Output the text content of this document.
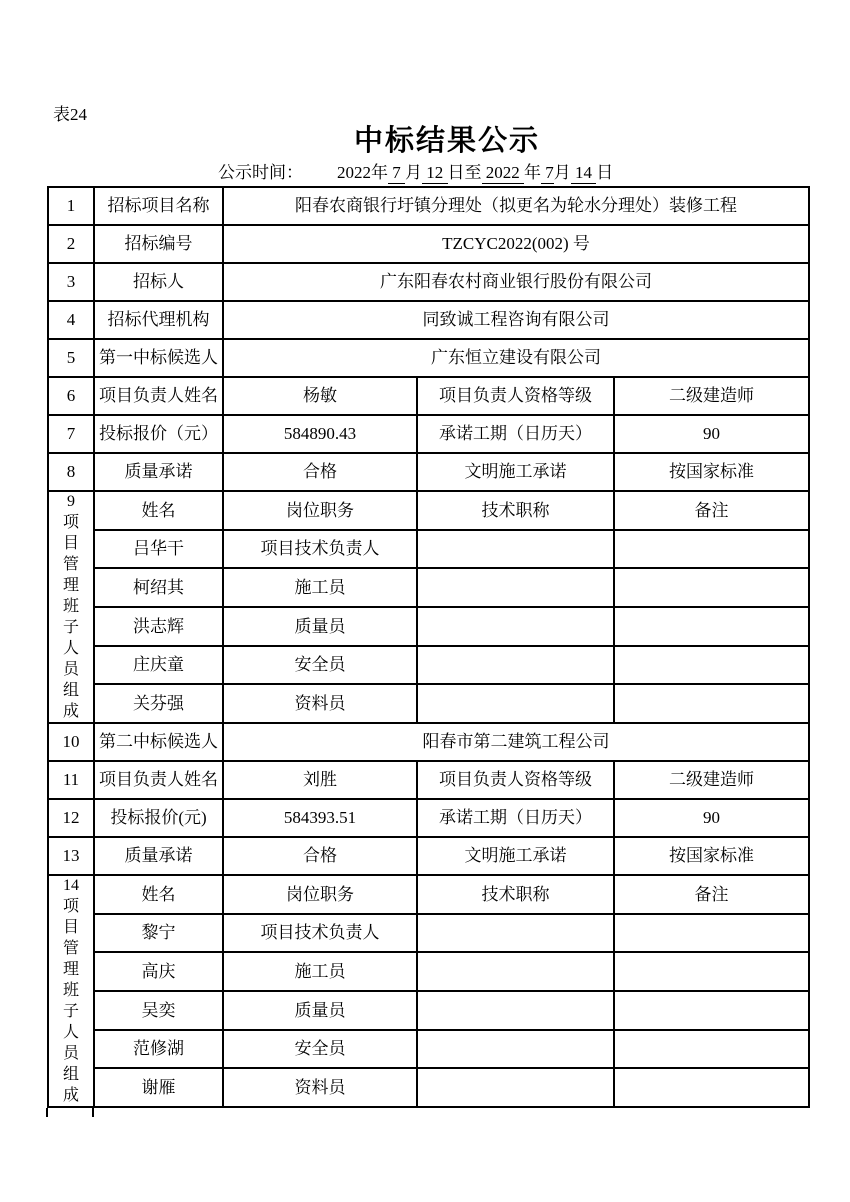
表24
中标结果公示
公示时间： 2022年 7 月 12 日至 2022 年 7月 14 日
1	招标项目名称	阳春农商银行圩镇分理处（拟更名为轮水分理处）装修工程		
2	招标编号	TZCYC2022(002) 号		
3	招标人	广东阳春农村商业银行股份有限公司		
4	招标代理机构	同致诚工程咨询有限公司		
5	第一中标候选人	广东恒立建设有限公司		
6	项目负责人姓名	杨敏	项目负责人资格等级	二级建造师
7	投标报价（元）	584890.43	承诺工期（日历天）	90
8	质量承诺	合格	文明施工承诺	按国家标准

9
项目管理班子人员组成	姓名	岗位职务	技术职称	备注
	吕华干	项目技术负责人		
	柯绍其	施工员		
	洪志辉	质量员		
	庄庆童	安全员		
	关芬强	资料员		
10	第二中标候选人	阳春市第二建筑工程公司		
11	项目负责人姓名	刘胜	项目负责人资格等级	二级建造师
12	投标报价(元)	584393.51	承诺工期（日历天）	90
13	质量承诺	合格	文明施工承诺	按国家标准

14
项目管理班子人员组成	姓名	岗位职务	技术职称	备注
	黎宁	项目技术负责人		
	高庆	施工员		
	吴奕	质量员		
	范修湖	安全员		
	谢雁	资料员		
